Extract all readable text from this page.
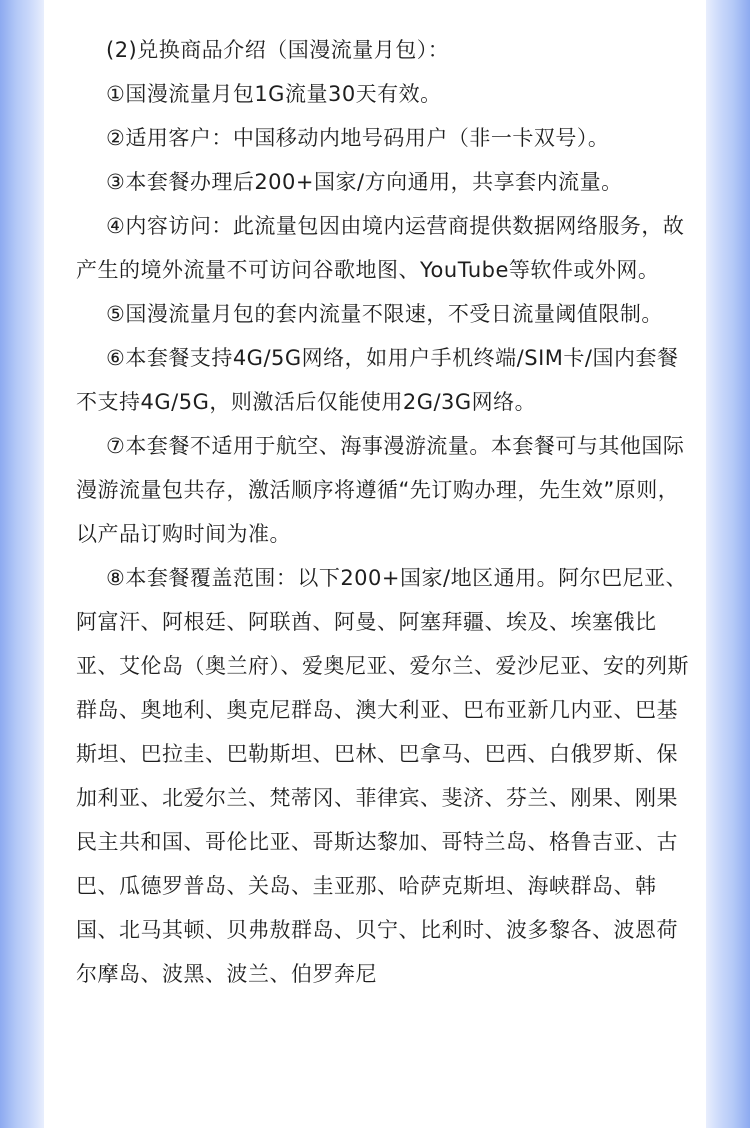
(2)兑换商品介绍（国漫流量月包）：

①国漫流量月包1G流量30天有效。

②适用客户：中国移动内地号码用户（非一卡双号）。

③本套餐办理后200+国家/方向通用，共享套内流量。

④内容访问：此流量包因由境内运营商提供数据网络服务，故产生的境外流量不可访问谷歌地图、YouTube等软件或外网。

⑤国漫流量月包的套内流量不限速，不受日流量阈值限制。

⑥本套餐支持4G/5G网络，如用户手机终端/SIM卡/国内套餐不支持4G/5G，则激活后仅能使用2G/3G网络。

⑦本套餐不适用于航空、海事漫游流量。本套餐可与其他国际漫游流量包共存，激活顺序将遵循“先订购办理，先生效”原则，以产品订购时间为准。

⑧本套餐覆盖范围：以下200+国家/地区通用。阿尔巴尼亚、阿富汗、阿根廷、阿联酋、阿曼、阿塞拜疆、埃及、埃塞俄比亚、艾伦岛（奥兰府）、爱奥尼亚、爱尔兰、爱沙尼亚、安的列斯群岛、奥地利、奥克尼群岛、澳大利亚、巴布亚新几内亚、巴基斯坦、巴拉圭、巴勒斯坦、巴林、巴拿马、巴西、白俄罗斯、保加利亚、北爱尔兰、梵蒂冈、菲律宾、斐济、芬兰、刚果、刚果民主共和国、哥伦比亚、哥斯达黎加、哥特兰岛、格鲁吉亚、古巴、瓜德罗普岛、关岛、圭亚那、哈萨克斯坦、海峡群岛、韩国、北马其顿、贝弗敖群岛、贝宁、比利时、波多黎各、波恩荷尔摩岛、波黑、波兰、伯罗奔尼
